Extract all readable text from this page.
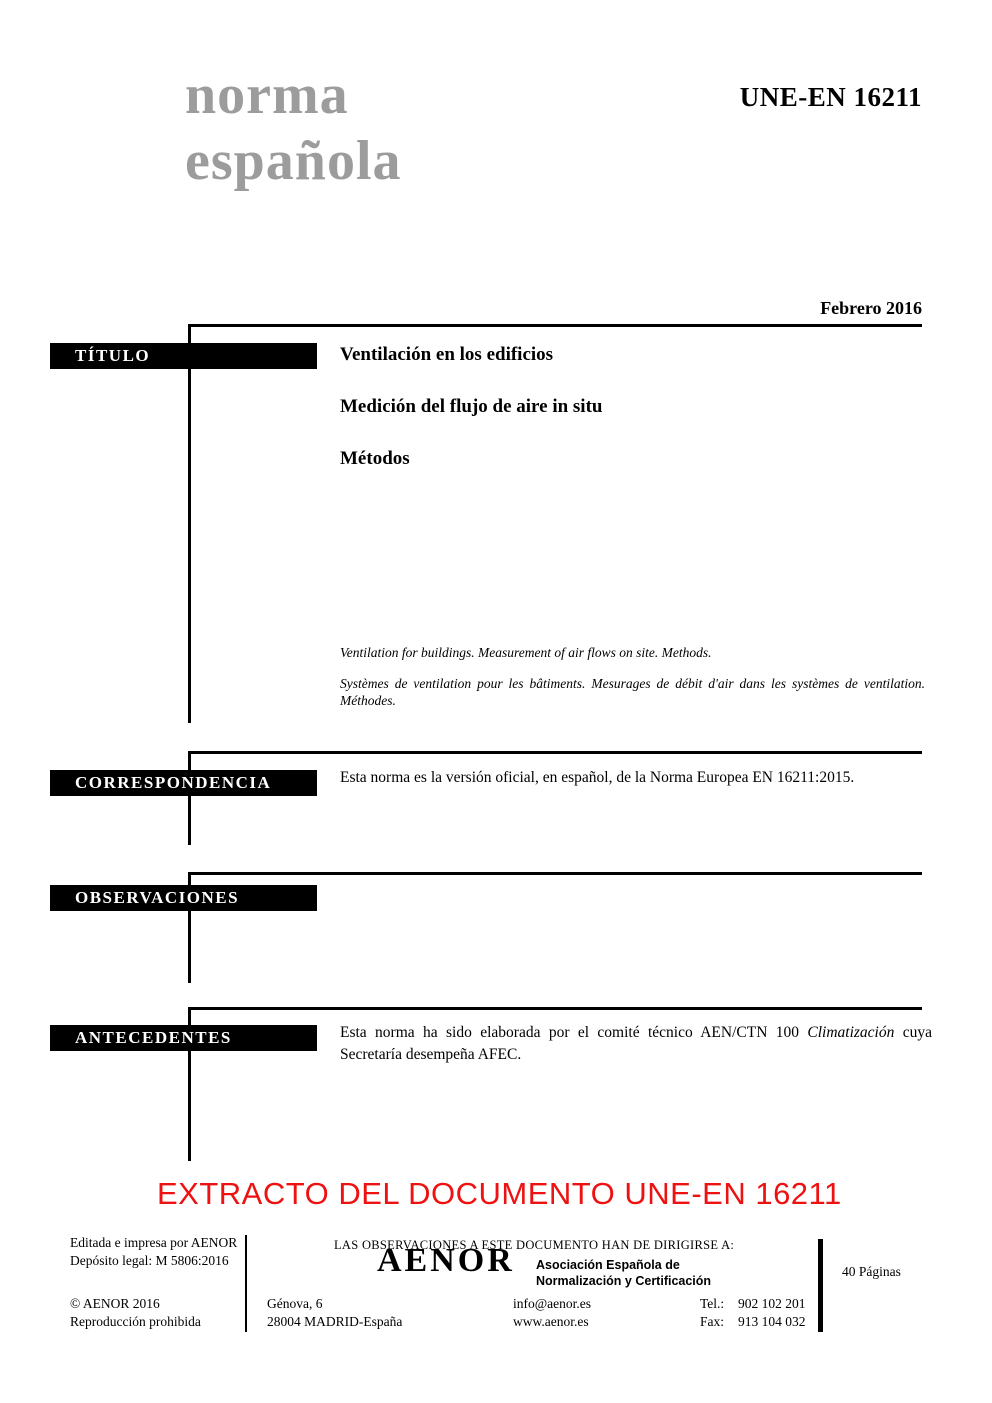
norma
española
UNE-EN 16211
Febrero 2016
TÍTULO	Ventilación en los edificios
Medición del flujo de aire in situ
Métodos
Ventilation for buildings. Measurement of air flows on site. Methods.
Systèmes de ventilation pour les bâtiments. Mesurages de débit d'air dans les systèmes de ventilation. Méthodes.
CORRESPONDENCIA	Esta norma es la versión oficial, en español, de la Norma Europea EN 16211:2015.
OBSERVACIONES
ANTECEDENTES	Esta norma ha sido elaborada por el comité técnico AEN/CTN 100 Climatización cuya Secretaría desempeña AFEC.
EXTRACTO DEL DOCUMENTO UNE-EN 16211
Editada e impresa por AENOR
Depósito legal: M 5806:2016
© AENOR 2016
Reproducción prohibida
LAS OBSERVACIONES A ESTE DOCUMENTO HAN DE DIRIGIRSE A:
AENOR Asociación Española de
Normalización y Certificación
Génova, 6
28004 MADRID-España
info@aenor.es
www.aenor.es
Tel.:	902 102 201
Fax:	913 104 032
40 Páginas
